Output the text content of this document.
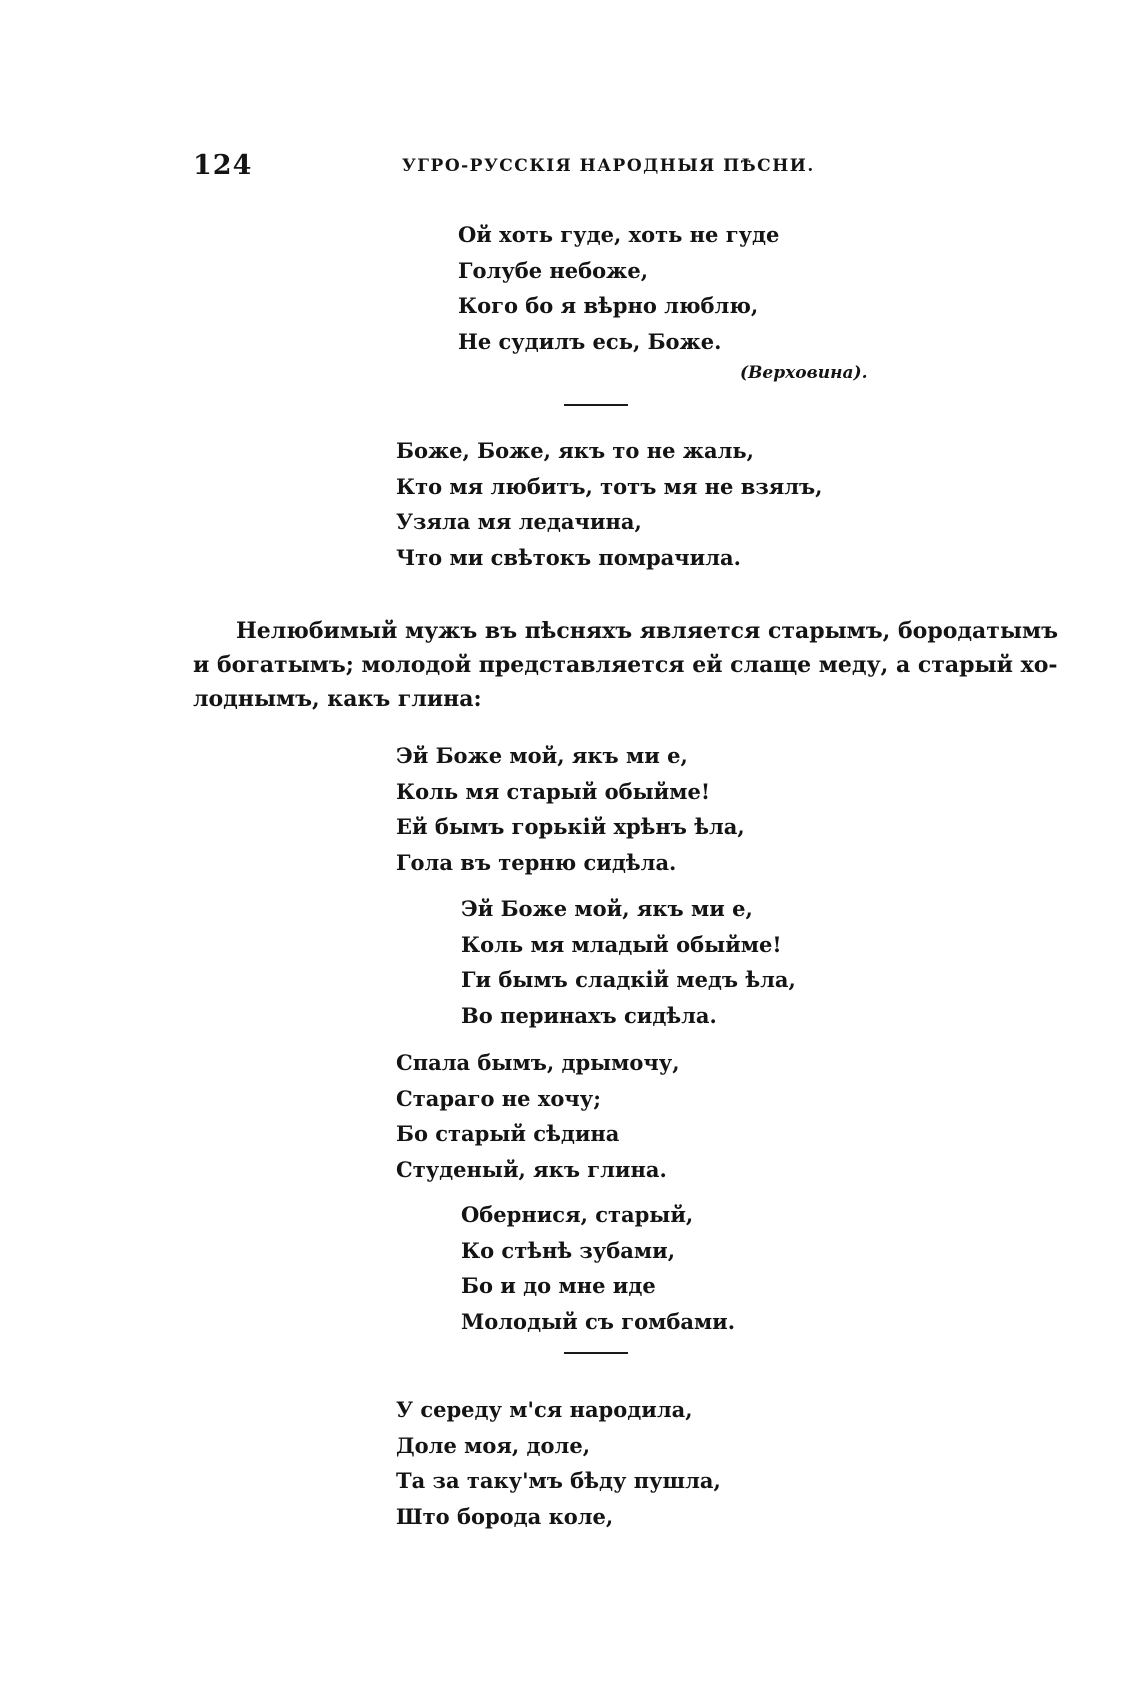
124	УГРО-РУССКІЯ НАРОДНЫЯ ПѢСНИ.
Ой хоть гуде, хоть не гуде
Голубе небоже,
Кого бо я вѣрно люблю,
Не судилъ есь, Боже.
(Верховина).
Боже, Боже, якъ то не жаль,
Кто мя любитъ, тотъ мя не взялъ,
Узяла мя ледачина,
Что ми свѣтокъ помрачила.
Нелюбимый мужъ въ пѣсняхъ является старымъ, бородатымъ
и богатымъ; молодой представляется ей слаще меду, а старый хо-
лоднымъ, какъ глина:
Эй Боже мой, якъ ми е,
Коль мя старый обыйме!
Ей бымъ горькій хрѣнъ ѣла,
Гола въ терню сидѣла.
Эй Боже мой, якъ ми е,
Коль мя младый обыйме!
Ги бымъ сладкій медъ ѣла,
Во перинахъ сидѣла.
Спала бымъ, дрымочу,
Стараго не хочу;
Бо старый сѣдина
Студеный, якъ глина.
Обернися, старый,
Ко стѣнѣ зубами,
Бо и до мне иде
Молодый съ гомбами.
У середу м'ся народила,
Доле моя, доле,
Та за таку'мъ бѣду пушла,
Што борода коле,
